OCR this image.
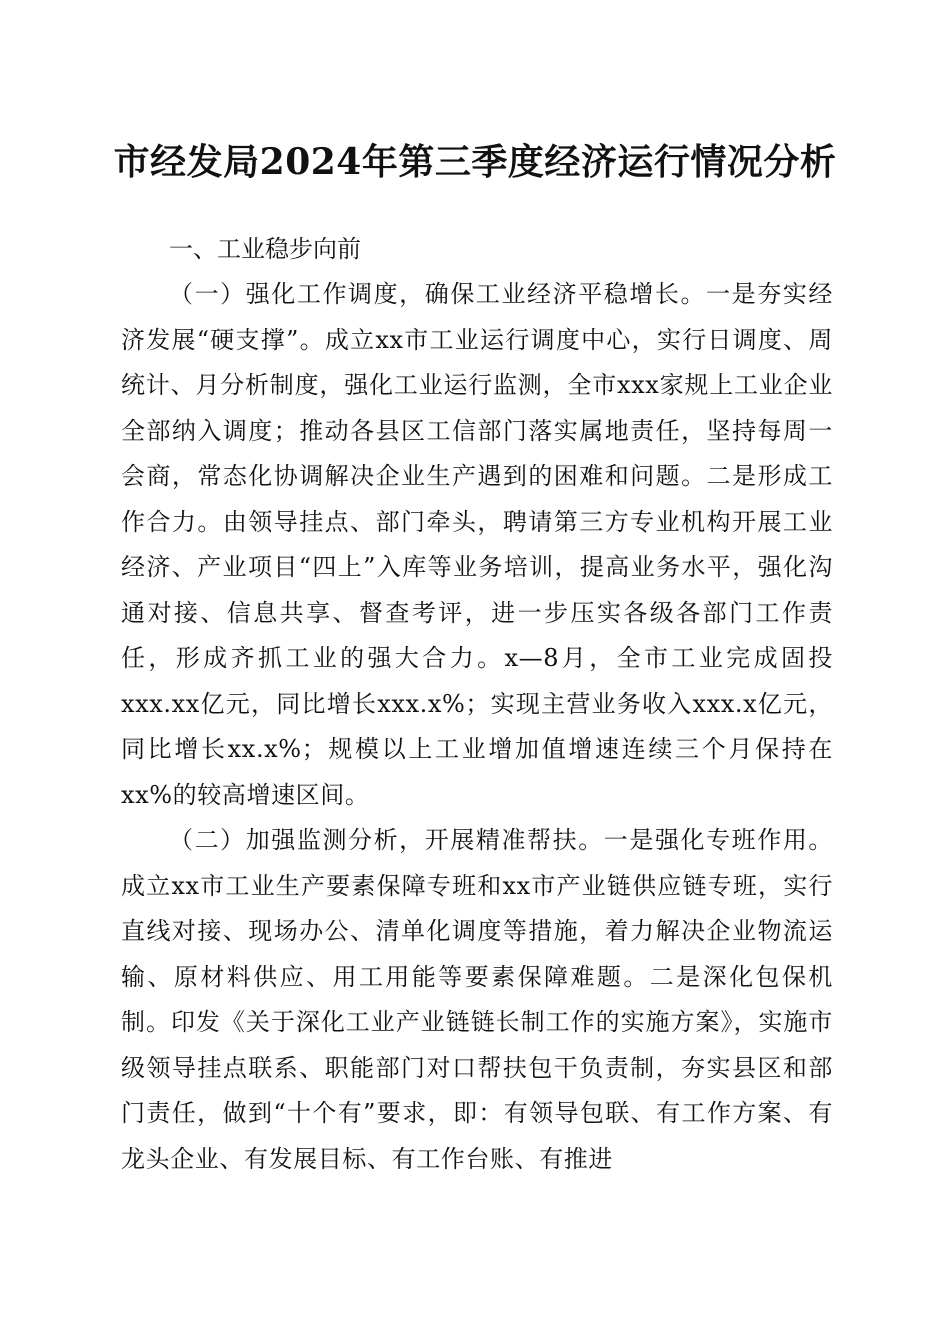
市经发局2024年第三季度经济运行情况分析
一、工业稳步向前

（一）强化工作调度，确保工业经济平稳增长。一是夯实经济发展“硬支撑”。成立xx市工业运行调度中心，实行日调度、周统计、月分析制度，强化工业运行监测，全市xxx家规上工业企业全部纳入调度；推动各县区工信部门落实属地责任，坚持每周一会商，常态化协调解决企业生产遇到的困难和问题。二是形成工作合力。由领导挂点、部门牵头，聘请第三方专业机构开展工业经济、产业项目“四上”入库等业务培训，提高业务水平，强化沟通对接、信息共享、督查考评，进一步压实各级各部门工作责任，形成齐抓工业的强大合力。x—8月，全市工业完成固投xxx.xx亿元，同比增长xxx.x%；实现主营业务收入xxx.x亿元，同比增长xx.x%；规模以上工业增加值增速连续三个月保持在xx%的较高增速区间。

（二）加强监测分析，开展精准帮扶。一是强化专班作用。成立xx市工业生产要素保障专班和xx市产业链供应链专班，实行直线对接、现场办公、清单化调度等措施，着力解决企业物流运输、原材料供应、用工用能等要素保障难题。二是深化包保机制。印发《关于深化工业产业链链长制工作的实施方案》，实施市级领导挂点联系、职能部门对口帮扶包干负责制，夯实县区和部门责任，做到“十个有”要求，即：有领导包联、有工作方案、有龙头企业、有发展目标、有工作台账、有推进
